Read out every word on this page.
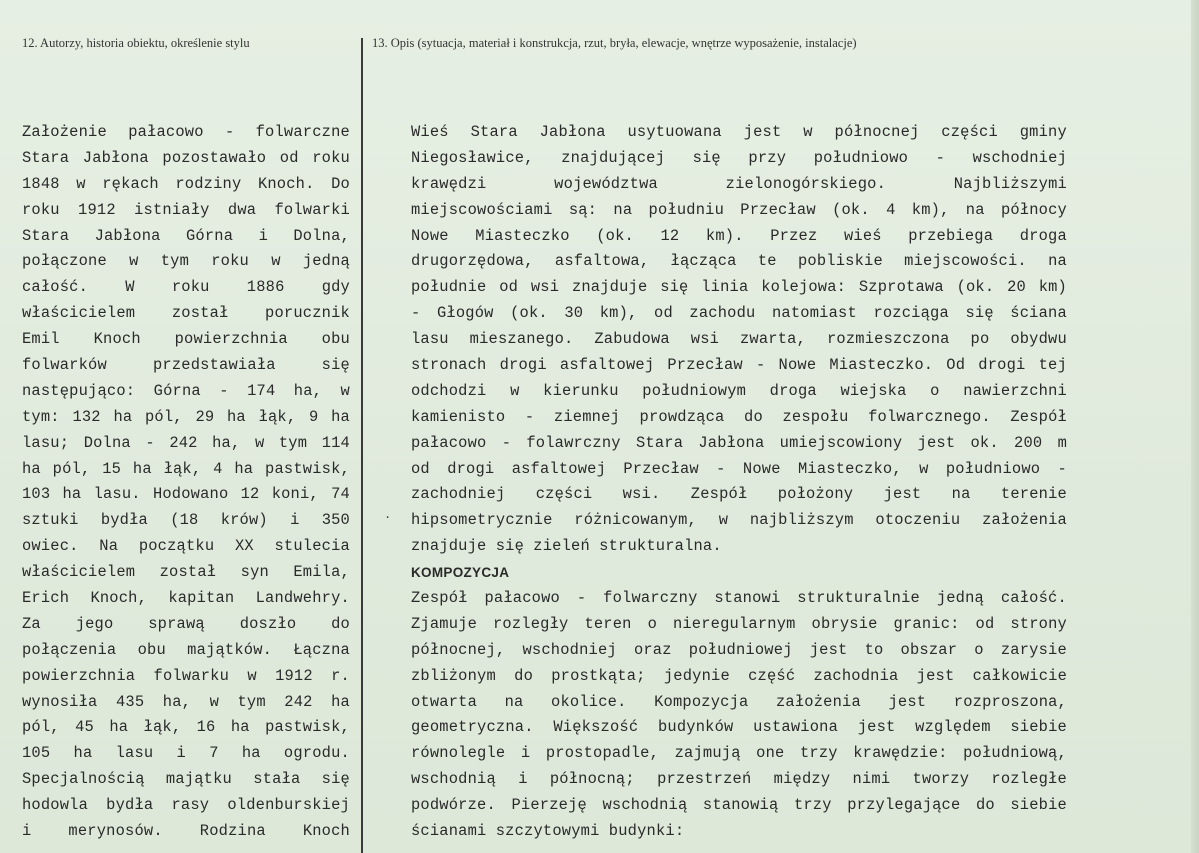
12. Autorzy, historia obiektu, określenie stylu	13. Opis (sytuacja, materiał i konstrukcja, rzut, bryła, elewacje, wnętrze wyposażenie, instalacje)
Założenie pałacowo - folwarczne
Stara Jabłona pozostawało od roku
1848 w rękach rodziny Knoch. Do
roku 1912 istniały dwa folwarki
Stara Jabłona Górna i Dolna,
połączone w tym roku w jedną
całość. W roku 1886 gdy
właścicielem został porucznik
Emil Knoch powierzchnia obu
folwarków	przedstawiała	się
następująco: Górna - 174 ha, w
tym: 132 ha pól, 29 ha łąk, 9 ha
lasu; Dolna - 242 ha, w tym 114
ha pól, 15 ha łąk, 4 ha pastwisk,
103 ha lasu. Hodowano 12 koni, 74
sztuki bydła (18 krów) i 350
owiec. Na początku XX stulecia
właścicielem został syn Emila,
Erich Knoch, kapitan Landwehry.
Za jego sprawą doszło do
połączenia obu majątków. Łączna
powierzchnia folwarku w 1912 r.
wynosiła 435 ha, w tym 242 ha
pól, 45 ha łąk, 16 ha pastwisk,
105 ha lasu i 7 ha ogrodu.
Specjalnością majątku stała się
hodowla bydła rasy oldenburskiej
i merynosów. Rodzina Knoch
Wieś Stara Jabłona usytuowana jest w północnej części gminy
Niegosławice, znajdującej się przy południowo - wschodniej
krawędzi	województwa	zielonogórskiego.	Najbliższymi
miejscowościami są: na południu Przecław (ok. 4 km), na północy
Nowe Miasteczko (ok. 12 km). Przez wieś przebiega droga
drugorzędowa, asfaltowa, łącząca te pobliskie miejscowości. na
południe od wsi znajduje się linia kolejowa: Szprotawa (ok. 20 km)
- Głogów (ok. 30 km), od zachodu natomiast rozciąga się ściana
lasu mieszanego. Zabudowa wsi zwarta, rozmieszczona po obydwu
stronach drogi asfaltowej Przecław - Nowe Miasteczko. Od drogi tej
odchodzi w kierunku południowym droga wiejska o nawierzchni
kamienisto - ziemnej prowdząca do zespołu folwarcznego. Zespół
pałacowo - folawrczny Stara Jabłona umiejscowiony jest ok. 200 m
od drogi asfaltowej Przecław - Nowe Miasteczko, w południowo -
zachodniej części wsi. Zespół położony jest na terenie
hipsometrycznie różnicowanym, w najbliższym otoczeniu założenia
znajduje się zieleń strukturalna.
KOMPOZYCJA
Zespół pałacowo - folwarczny stanowi strukturalnie jedną całość.
Zjamuje rozległy teren o nieregularnym obrysie granic: od strony
północnej, wschodniej oraz południowej jest to obszar o zarysie
zbliżonym do prostkąta; jedynie część zachodnia jest całkowicie
otwarta na okolice. Kompozycja założenia jest rozproszona,
geometryczna. Większość budynków ustawiona jest względem siebie
równolegle i prostopadle, zajmują one trzy krawędzie: południową,
wschodnią i północną; przestrzeń między nimi tworzy rozległe
podwórze. Pierzeję wschodnią stanowią trzy przylegające do siebie
ścianami szczytowymi budynki:
.
